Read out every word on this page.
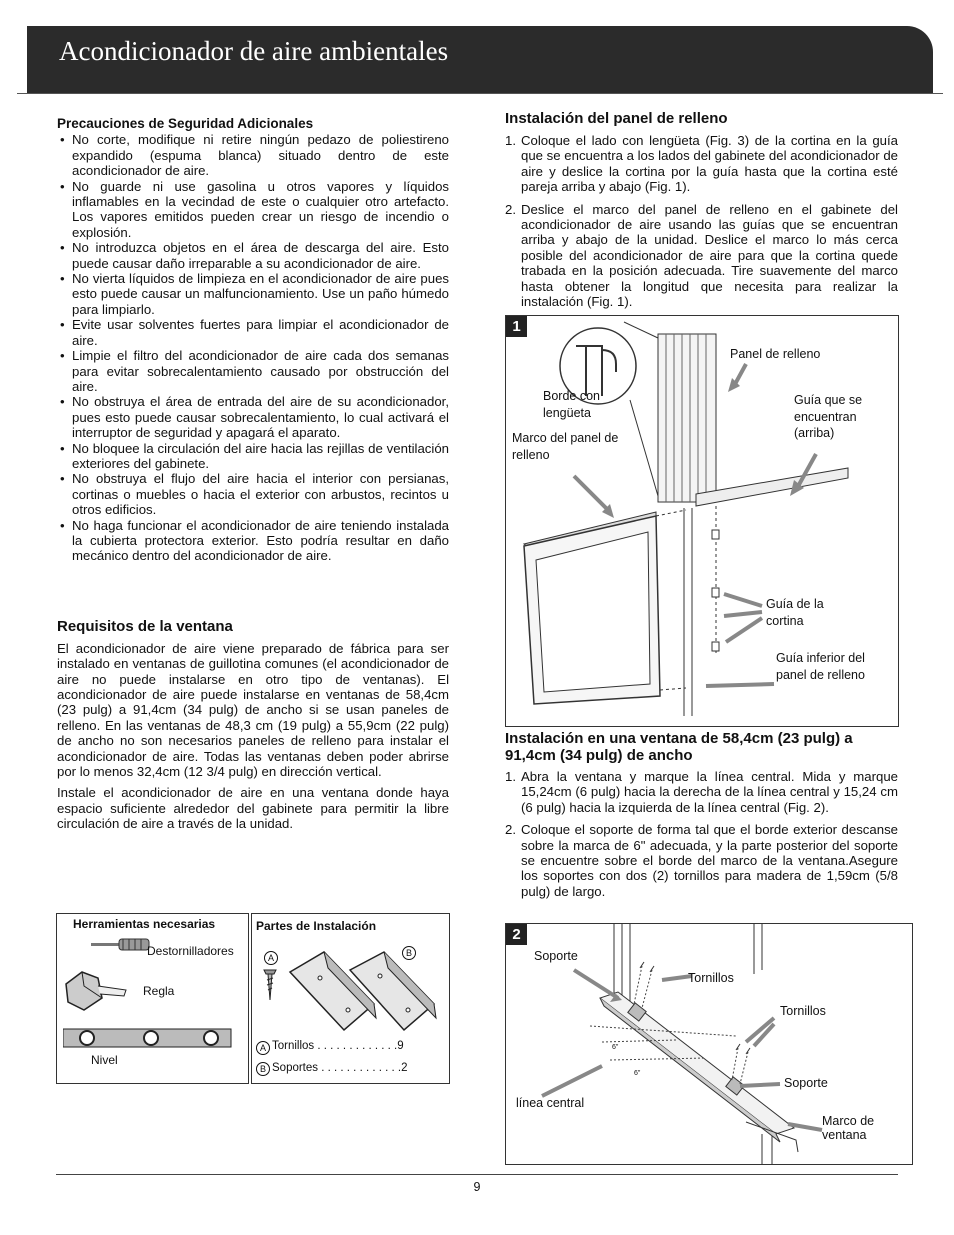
Acondicionador de aire ambientales
Precauciones de Seguridad Adicionales
• No corte, modifique ni retire ningún pedazo de poliestireno expandido (espuma blanca) situado dentro de este acondicionador de aire.
• No guarde ni use gasolina u otros vapores y líquidos inflamables en la vecindad de este o cualquier otro artefacto. Los vapores emitidos pueden crear un riesgo de incendio o explosión.
• No introduzca objetos en el área de descarga del aire. Esto puede causar daño irreparable a su acondicionador de aire.
• No vierta líquidos de limpieza en el acondicionador de aire pues esto puede causar un malfuncionamiento. Use un paño húmedo para limpiarlo.
• Evite usar solventes fuertes para limpiar el acondicionador de aire.
• Limpie el filtro del acondicionador de aire cada dos semanas para evitar sobrecalentamiento causado por obstrucción del aire.
• No obstruya el área de entrada del aire de su acondicionador, pues esto puede causar sobrecalentamiento, lo cual activará el interruptor de seguridad y apagará el aparato.
• No bloquee la circulación del aire hacia las rejillas de ventilación exteriores del gabinete.
• No obstruya el flujo del aire hacia el interior con persianas, cortinas o muebles o hacia el exterior con arbustos, recintos u otros edificios.
• No haga funcionar el acondicionador de aire teniendo instalada la cubierta protectora exterior. Esto podría resultar en daño mecánico dentro del acondicionador de aire.
Requisitos de la ventana

El acondicionador de aire viene preparado de fábrica para ser instalado en ventanas de guillotina comunes (el acondicionador de aire no puede instalarse en otro tipo de ventanas). El acondicionador de aire puede instalarse en ventanas de 58,4cm (23 pulg) a 91,4cm (34 pulg) de ancho si se usan paneles de relleno. En las ventanas de 48,3 cm (19 pulg) a 55,9cm (22 pulg) de ancho no son necesarios paneles de relleno para instalar el acondicionador de aire. Todas las ventanas deben poder abrirse por lo menos 32,4cm (12 3/4 pulg) en dirección vertical.

Instale el acondicionador de aire en una ventana donde haya espacio suficiente alrededor del gabinete para permitir la libre circulación de aire a través de la unidad.

Herramientas necesarias
Destornilladores
Regla
Nivel
Partes de Instalación
A	B
A Tornillos . . . . . . . . . . . . .9
B Soportes . . . . . . . . . . . . .2
Instalación del panel de relleno
1. Coloque el lado con lengüeta (Fig. 3) de la cortina en la guía que se encuentra a los lados del gabinete del acondicionador de aire y deslice la cortina por la guía hasta que la cortina esté pareja arriba y abajo (Fig. 1).
2. Deslice el marco del panel de relleno en el gabinete del acondicionador de aire usando las guías que se encuentran arriba y abajo de la unidad. Deslice el marco lo más cerca posible del acondicionador de aire para que la cortina quede trabada en la posición adecuada. Tire suavemente del marco hasta obtener la longitud que necesita para realizar la instalación (Fig. 1).
1
Panel de relleno
Borde con lengüeta
Guía que se encuentran (arriba)
Marco del panel de relleno
Guía de la cortina
Guía inferior del panel de relleno
Instalación en una ventana de 58,4cm (23 pulg) a 91,4cm (34 pulg) de ancho
1. Abra la ventana y marque la línea central. Mida y marque 15,24cm (6 pulg) hacia la derecha de la línea central y 15,24 cm (6 pulg) hacia la izquierda de la línea central (Fig. 2).
2. Coloque el soporte de forma tal que el borde exterior descanse sobre la marca de 6" adecuada, y la parte posterior del soporte se encuentre sobre el borde del marco de la ventana.Asegure los soportes con dos (2) tornillos para madera de 1,59cm (5/8 pulg) de largo.
2
Soporte
Tornillos
Tornillos
Soporte
línea central
Marco de ventana
6"
6"
9
